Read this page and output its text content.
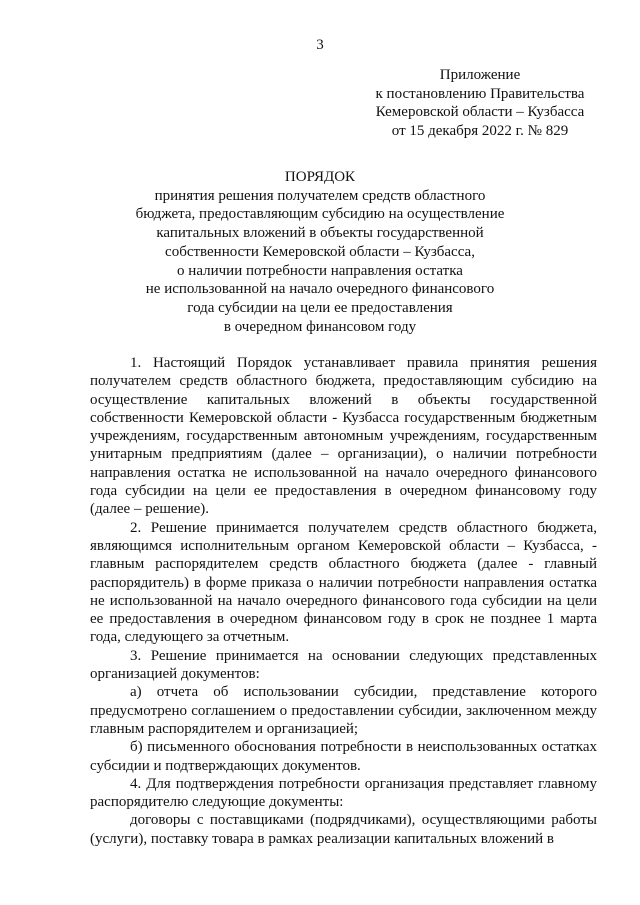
3
Приложение
к постановлению Правительства
Кемеровской области – Кузбасса
от 15 декабря 2022 г. № 829
ПОРЯДОК
принятия решения получателем средств областного
бюджета, предоставляющим субсидию на осуществление
капитальных вложений в объекты государственной
собственности Кемеровской области – Кузбасса,
о наличии потребности направления остатка
не использованной на начало очередного финансового
года субсидии на цели ее предоставления
в очередном финансовом году

1. Настоящий Порядок устанавливает правила принятия решения получателем средств областного бюджета, предоставляющим субсидию на осуществление капитальных вложений в объекты государственной собственности Кемеровской области - Кузбасса государственным бюджетным учреждениям, государственным автономным учреждениям, государственным унитарным предприятиям (далее – организации), о наличии потребности направления остатка не использованной на начало очередного финансового года субсидии на цели ее предоставления в очередном финансовому году (далее – решение).

2. Решение принимается получателем средств областного бюджета, являющимся исполнительным органом Кемеровской области – Кузбасса, - главным распорядителем средств областного бюджета (далее - главный распорядитель) в форме приказа о наличии потребности направления остатка не использованной на начало очередного финансового года субсидии на цели ее предоставления в очередном финансовом году в срок не позднее 1 марта года, следующего за отчетным.

3. Решение принимается на основании следующих представленных организацией документов:

а) отчета об использовании субсидии, представление которого предусмотрено соглашением о предоставлении субсидии, заключенном между главным распорядителем и организацией;

б) письменного обоснования потребности в неиспользованных остатках субсидии и подтверждающих документов.

4. Для подтверждения потребности организация представляет главному распорядителю следующие документы:

договоры с поставщиками (подрядчиками), осуществляющими работы (услуги), поставку товара в рамках реализации капитальных вложений в
